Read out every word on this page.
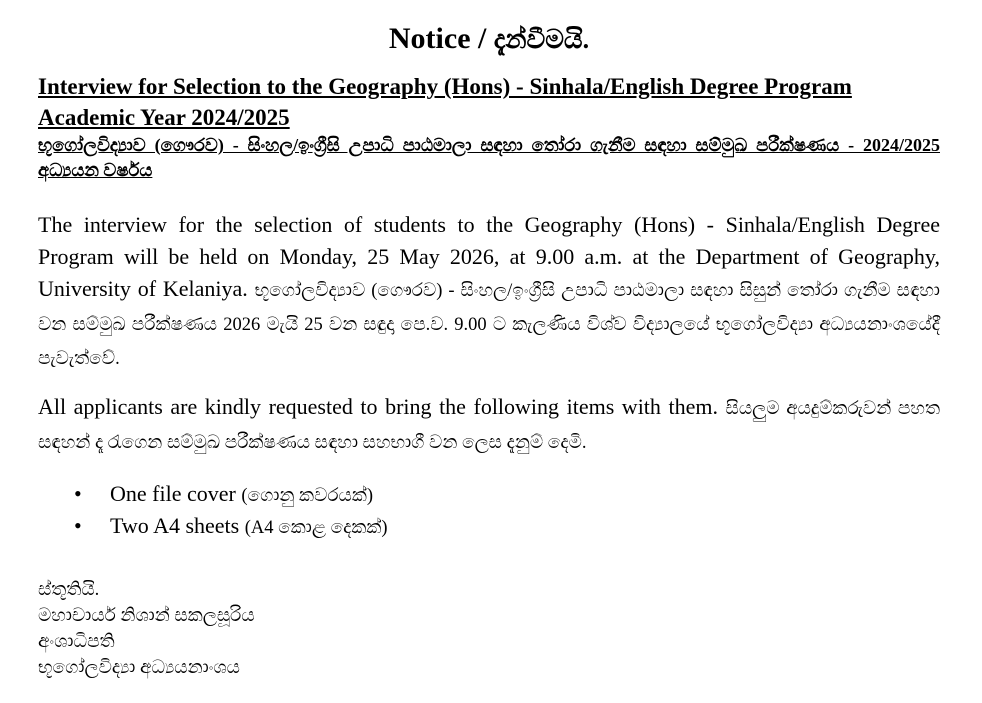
Notice / දැන්වීමයි.
Interview for Selection to the Geography (Hons) - Sinhala/English Degree Program Academic Year 2024/2025
භූගෝලවිද්‍යාව (ගෞරව) - සිංහල/ඉංග්‍රීසි උපාධි පාඨමාලා සඳහා තෝරා ගැනීම සඳහා සම්මුඛ පරීක්ෂණය - 2024/2025 අධ්‍යයන වර්ෂය

The interview for the selection of students to the Geography (Hons) - Sinhala/English Degree Program will be held on Monday, 25 May 2026, at 9.00 a.m. at the Department of Geography, University of Kelaniya. භූගෝලවිද්‍යාව (ගෞරව) - සිංහල/ඉංග්‍රීසි උපාධි පාඨමාලා සඳහා සිසුන් තෝරා ගැනීම සඳහා වන සම්මුඛ පරීක්ෂණය 2026 මැයි 25 වන සඳුදා පෙ.ව. 9.00 ට කැලණිය විශ්ව විද්‍යාලයේ භූගෝලවිද්‍යා අධ්‍යයනාංශයේදී පැවැත්වේ.

All applicants are kindly requested to bring the following items with them. සියලුම අයදුම්කරුවන් පහත සඳහන් දෑ රැගෙන සම්මුඛ පරීක්ෂණය සඳහා සහභාගී වන ලෙස දැනුම් දෙමි.

• One file cover (ගොනු කවරයක්)
• Two A4 sheets (A4 කොළ දෙකක්)
ස්තූතියි.
මහාචාර්ය නිශාන් සකලසූරිය
අංශාධිපති
භූගෝලවිද්‍යා අධ්‍යයනාංශය
